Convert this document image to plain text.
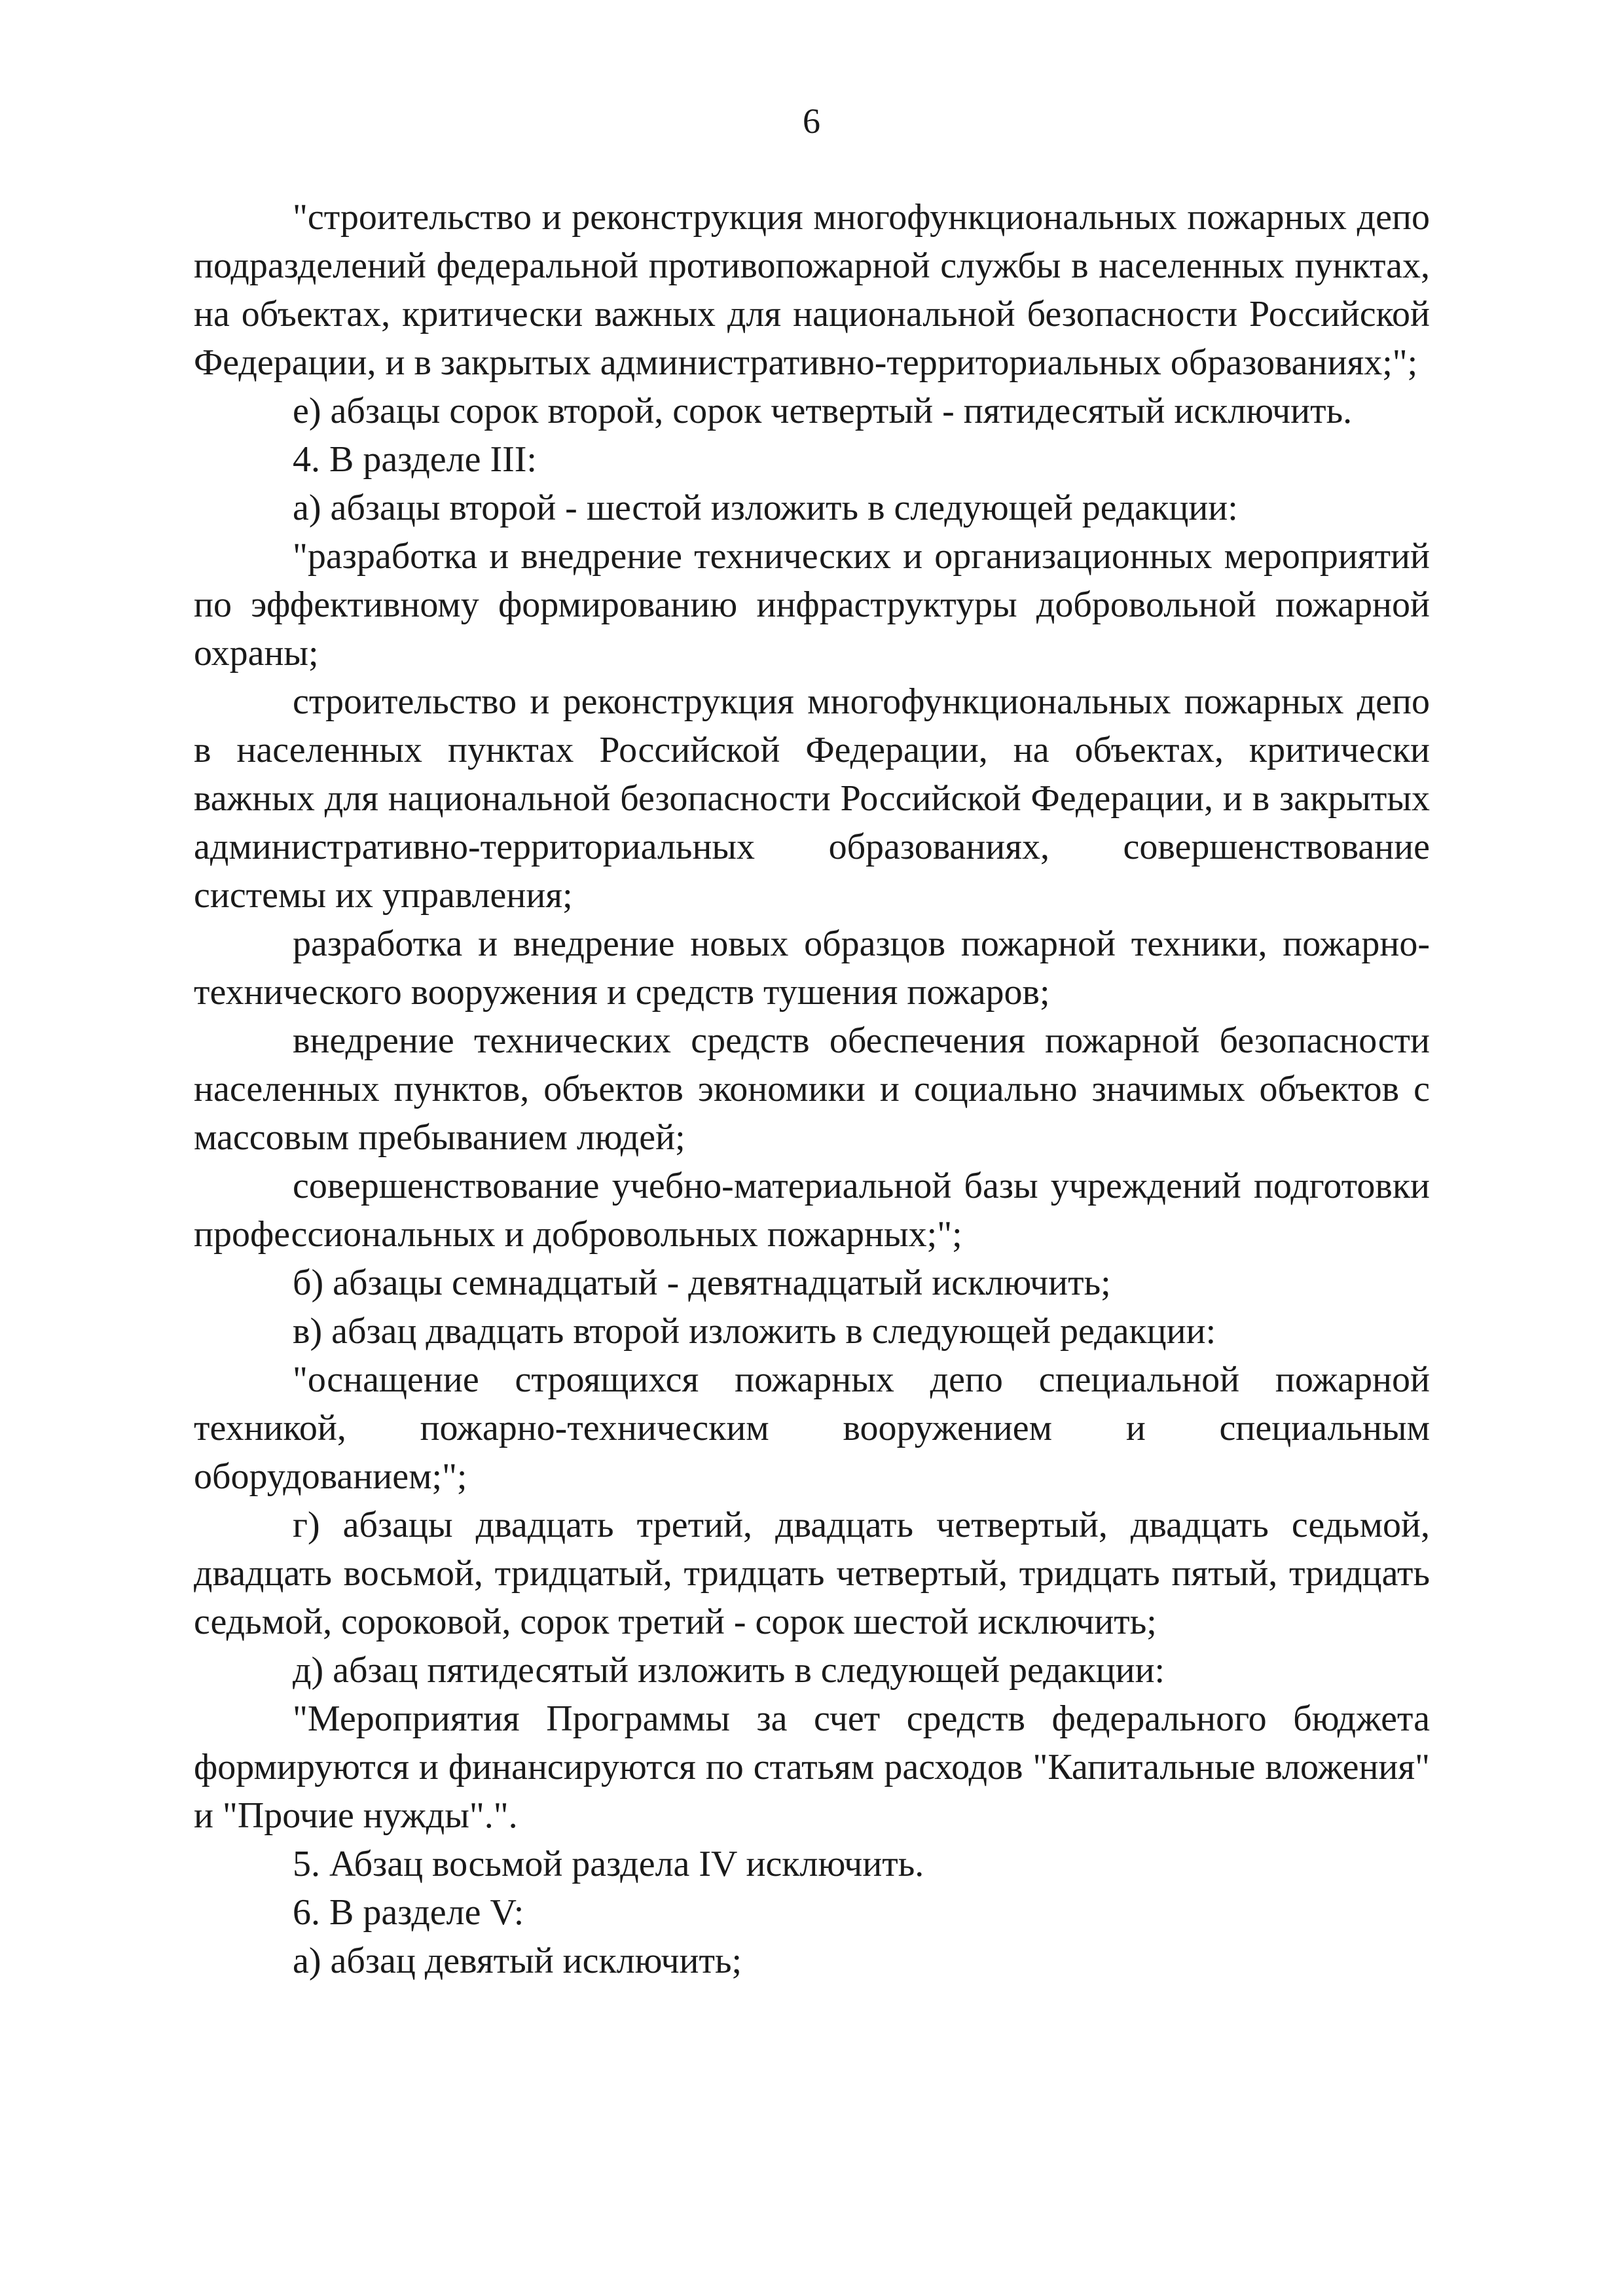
6

"строительство и реконструкция многофункциональных пожарных депо подразделений федеральной противопожарной службы в населенных пунктах, на объектах, критически важных для национальной безопасности Российской Федерации, и в закрытых административно-территориальных образованиях;";

е) абзацы сорок второй, сорок четвертый - пятидесятый исключить.

4. В разделе III:

а) абзацы второй - шестой изложить в следующей редакции:

"разработка и внедрение технических и организационных мероприятий по эффективному формированию инфраструктуры добровольной пожарной охраны;

строительство и реконструкция многофункциональных пожарных депо в населенных пунктах Российской Федерации, на объектах, критически важных для национальной безопасности Российской Федерации, и в закрытых административно-территориальных образованиях, совершенствование системы их управления;

разработка и внедрение новых образцов пожарной техники, пожарно-технического вооружения и средств тушения пожаров;

внедрение технических средств обеспечения пожарной безопасности населенных пунктов, объектов экономики и социально значимых объектов с массовым пребыванием людей;

совершенствование учебно-материальной базы учреждений подготовки профессиональных и добровольных пожарных;";

б) абзацы семнадцатый - девятнадцатый исключить;

в) абзац двадцать второй изложить в следующей редакции:

"оснащение строящихся пожарных депо специальной пожарной техникой, пожарно-техническим вооружением и специальным оборудованием;";

г) абзацы двадцать третий, двадцать четвертый, двадцать седьмой, двадцать восьмой, тридцатый, тридцать четвертый, тридцать пятый, тридцать седьмой, сороковой, сорок третий - сорок шестой исключить;

д) абзац пятидесятый изложить в следующей редакции:

"Мероприятия Программы за счет средств федерального бюджета формируются и финансируются по статьям расходов "Капитальные вложения" и "Прочие нужды".".

5. Абзац восьмой раздела IV исключить.

6. В разделе V:

а) абзац девятый исключить;
